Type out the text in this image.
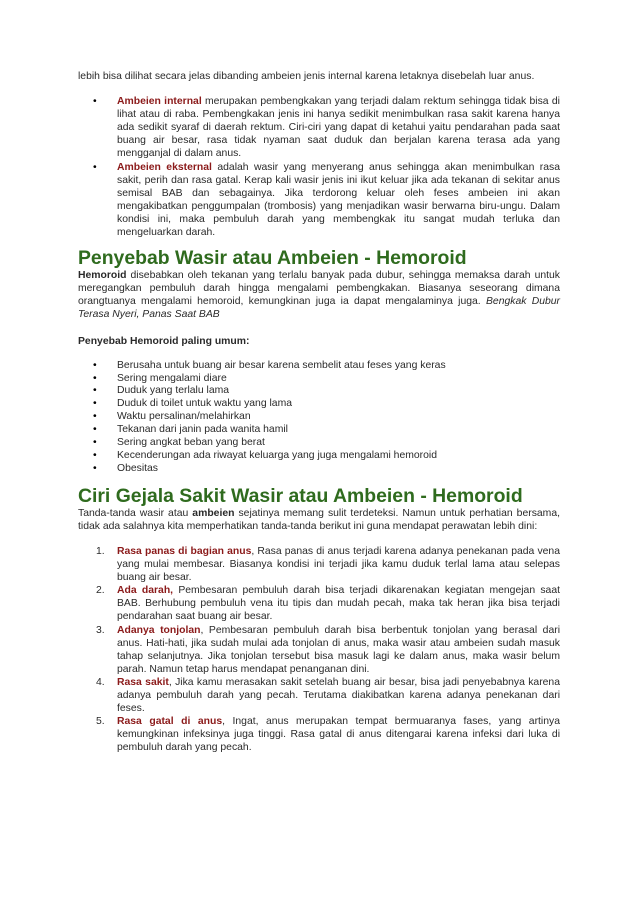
lebih bisa dilihat secara jelas dibanding ambeien jenis internal karena letaknya disebelah luar anus.

• Ambeien internal merupakan pembengkakan yang terjadi dalam rektum sehingga tidak bisa di lihat atau di raba. Pembengkakan jenis ini hanya sedikit menimbulkan rasa sakit karena hanya ada sedikit syaraf di daerah rektum. Ciri-ciri yang dapat di ketahui yaitu pendarahan pada saat buang air besar, rasa tidak nyaman saat duduk dan berjalan karena terasa ada yang mengganjal di dalam anus.
• Ambeien eksternal adalah wasir yang menyerang anus sehingga akan menimbulkan rasa sakit, perih dan rasa gatal. Kerap kali wasir jenis ini ikut keluar jika ada tekanan di sekitar anus semisal BAB dan sebagainya. Jika terdorong keluar oleh feses ambeien ini akan mengakibatkan penggumpalan (trombosis) yang menjadikan wasir berwarna biru-ungu. Dalam kondisi ini, maka pembuluh darah yang membengkak itu sangat mudah terluka dan mengeluarkan darah.
Penyebab Wasir atau Ambeien - Hemoroid

Hemoroid disebabkan oleh tekanan yang terlalu banyak pada dubur, sehingga memaksa darah untuk meregangkan pembuluh darah hingga mengalami pembengkakan. Biasanya seseorang dimana orangtuanya mengalami hemoroid, kemungkinan juga ia dapat mengalaminya juga. Bengkak Dubur Terasa Nyeri, Panas Saat BAB

Penyebab Hemoroid paling umum:

• Berusaha untuk buang air besar karena sembelit atau feses yang keras
• Sering mengalami diare
• Duduk yang terlalu lama
• Duduk di toilet untuk waktu yang lama
• Waktu persalinan/melahirkan
• Tekanan dari janin pada wanita hamil
• Sering angkat beban yang berat
• Kecenderungan ada riwayat keluarga yang juga mengalami hemoroid
• Obesitas
Ciri Gejala Sakit Wasir atau Ambeien - Hemoroid

Tanda-tanda wasir atau ambeien sejatinya memang sulit terdeteksi. Namun untuk perhatian bersama, tidak ada salahnya kita memperhatikan tanda-tanda berikut ini guna mendapat perawatan lebih dini:

1. Rasa panas di bagian anus, Rasa panas di anus terjadi karena adanya penekanan pada vena yang mulai membesar. Biasanya kondisi ini terjadi jika kamu duduk terlal lama atau selepas buang air besar.
2. Ada darah, Pembesaran pembuluh darah bisa terjadi dikarenakan kegiatan mengejan saat BAB. Berhubung pembuluh vena itu tipis dan mudah pecah, maka tak heran jika bisa terjadi pendarahan saat buang air besar.
3. Adanya tonjolan, Pembesaran pembuluh darah bisa berbentuk tonjolan yang berasal dari anus. Hati-hati, jika sudah mulai ada tonjolan di anus, maka wasir atau ambeien sudah masuk tahap selanjutnya. Jika tonjolan tersebut bisa masuk lagi ke dalam anus, maka wasir belum parah. Namun tetap harus mendapat penanganan dini.
4. Rasa sakit, Jika kamu merasakan sakit setelah buang air besar, bisa jadi penyebabnya karena adanya pembuluh darah yang pecah. Terutama diakibatkan karena adanya penekanan dari feses.
5. Rasa gatal di anus, Ingat, anus merupakan tempat bermuaranya fases, yang artinya kemungkinan infeksinya juga tinggi. Rasa gatal di anus ditengarai karena infeksi dari luka di pembuluh darah yang pecah.
